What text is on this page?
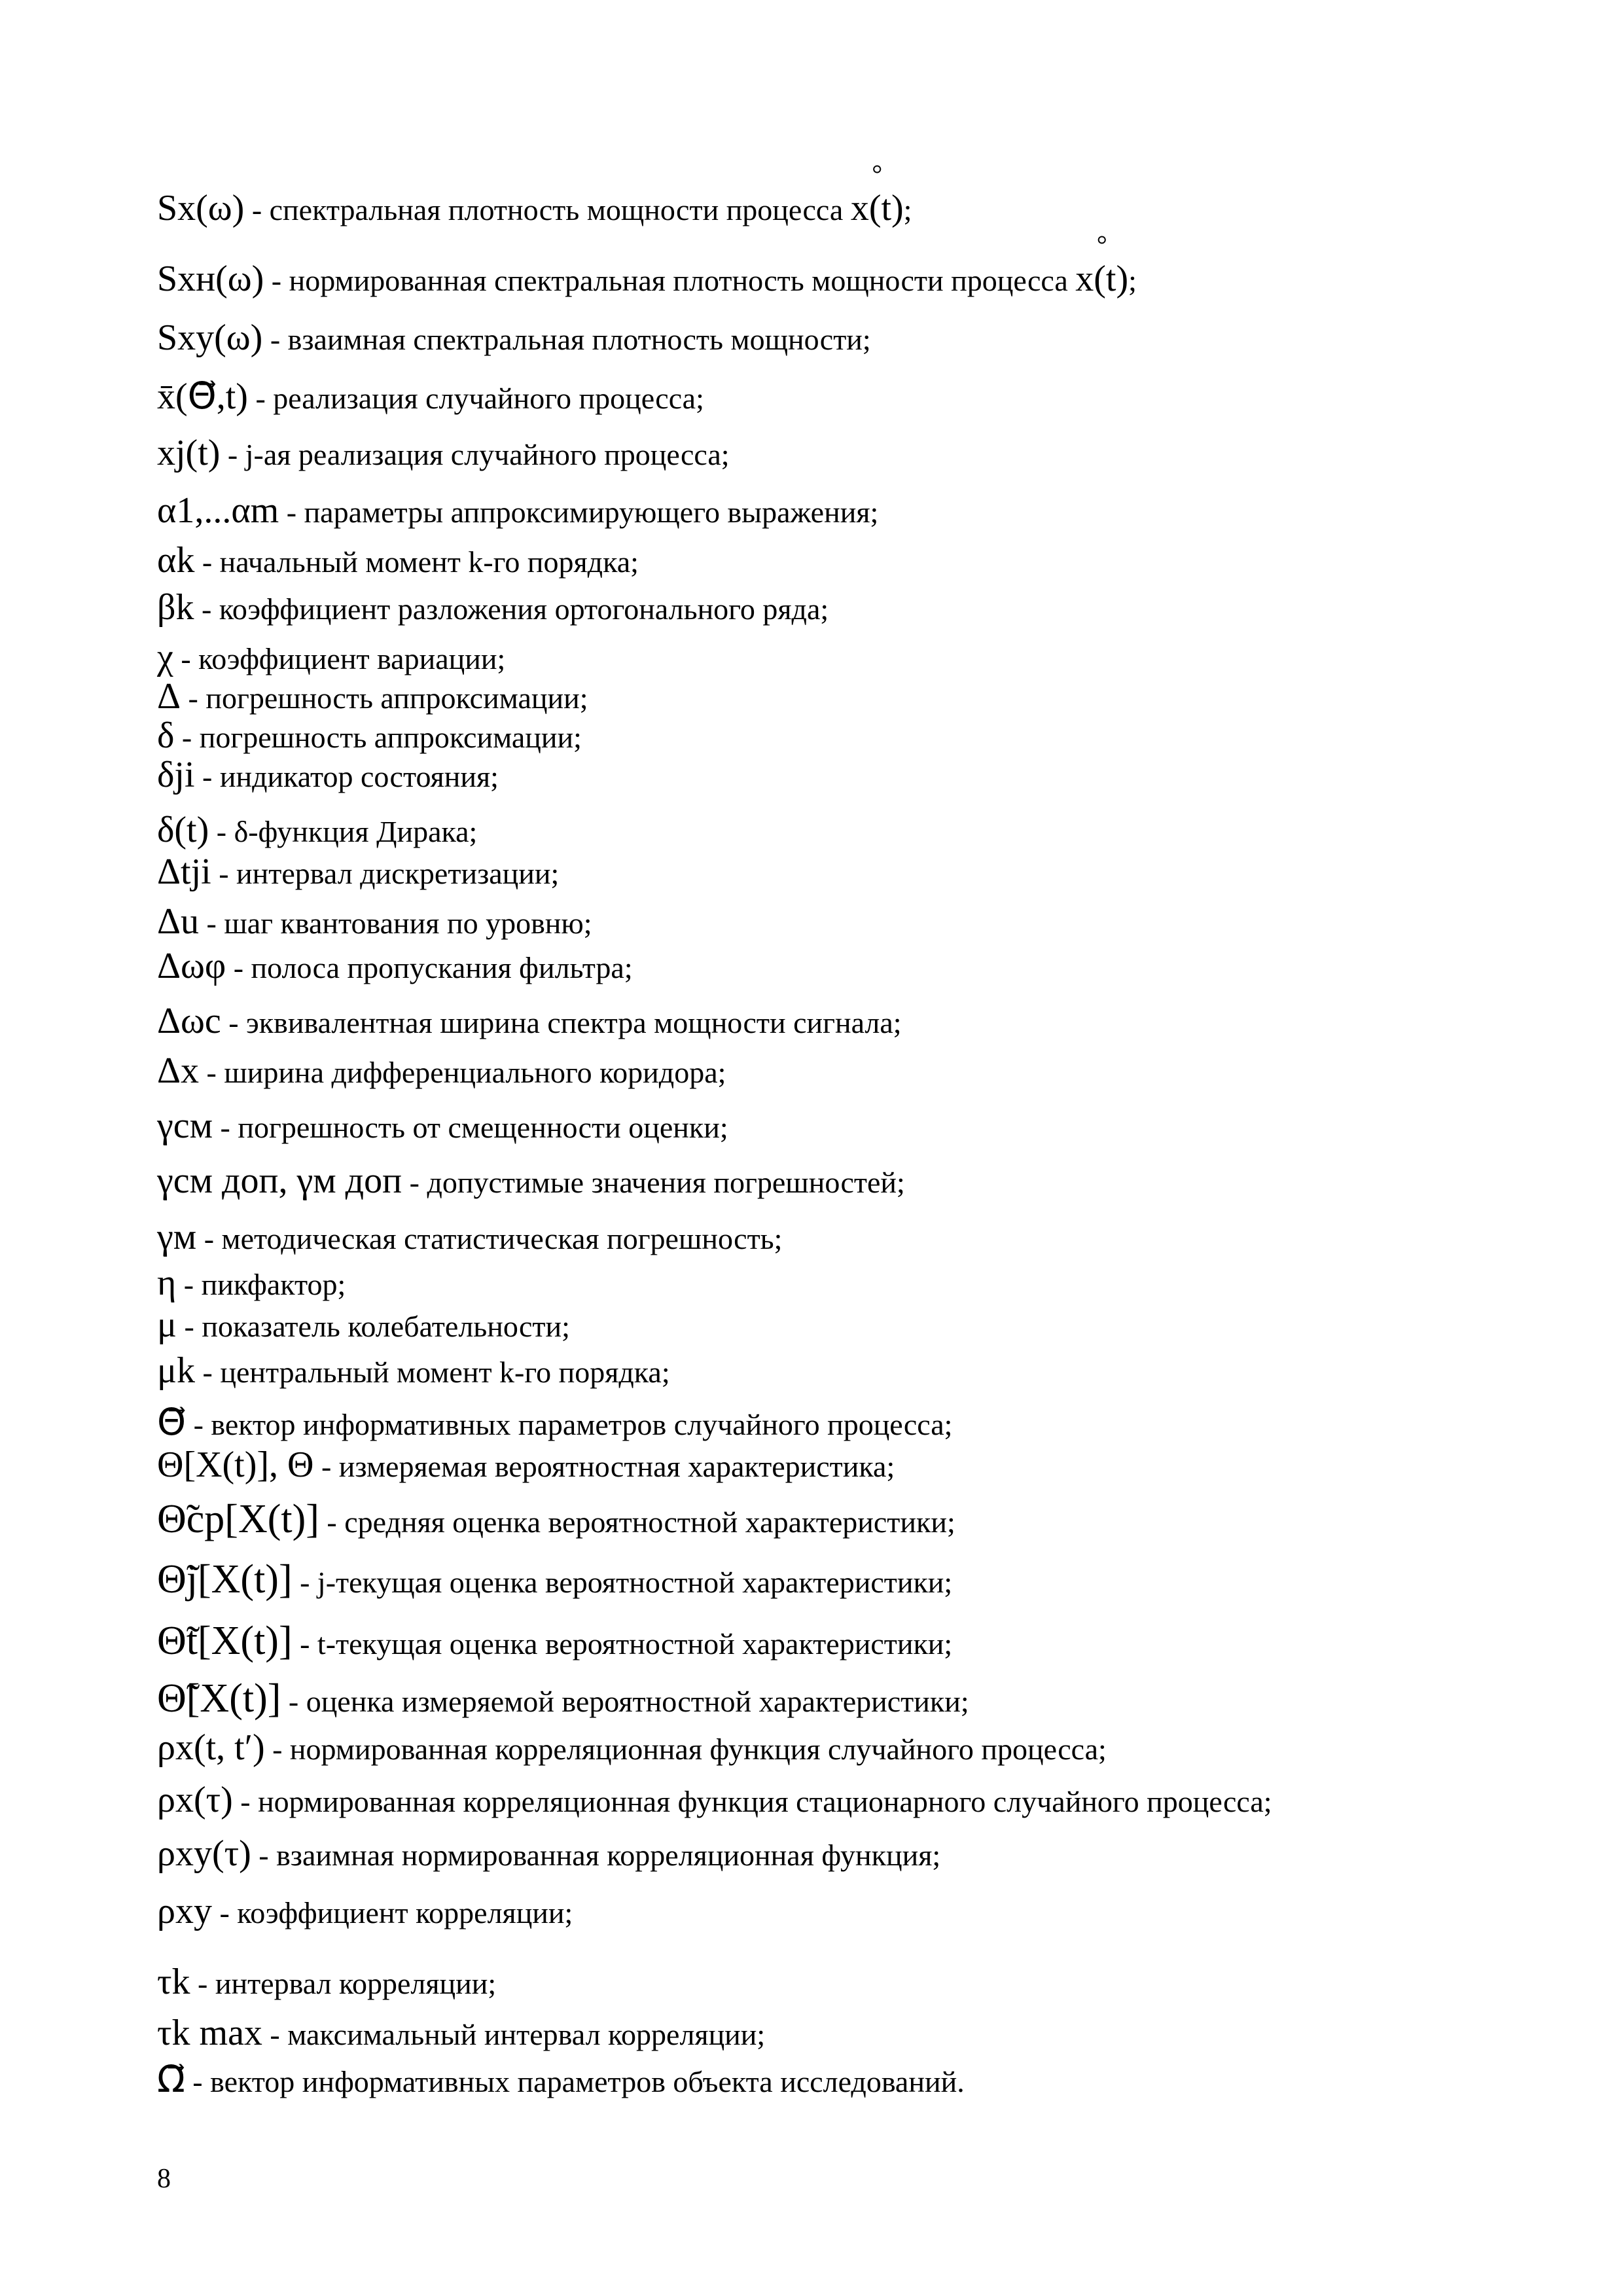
Sx(ω) - спектральная плотность мощности процесса ° x(t);
Sxн(ω) - нормированная спектральная плотность мощности процесса ° x(t);
Sxy(ω) - взаимная спектральная плотность мощности;
x̄(Θ⃗,t) - реализация случайного процесса;
xj(t) - j-ая реализация случайного процесса;
α1,...αm - параметры аппроксимирующего выражения;
αk - начальный момент k-го порядка;
βk - коэффициент разложения ортогонального ряда;
χ - коэффициент вариации;
Δ - погрешность аппроксимации;
δ - погрешность аппроксимации;
δji - индикатор состояния;
δ(t) - δ-функция Дирака;
Δtji - интервал дискретизации;
Δu - шаг квантования по уровню;
Δωφ - полоса пропускания фильтра;
Δωc - эквивалентная ширина спектра мощности сигнала;
Δx - ширина дифференциального коридора;
γсм - погрешность от смещенности оценки;
γсм доп, γм доп - допустимые значения погрешностей;
γм - методическая статистическая погрешность;
η - пикфактор;
μ - показатель колебательности;
μk - центральный момент k-го порядка;
Θ⃗ - вектор информативных параметров случайного процесса;
Θ[X(t)], Θ - измеряемая вероятностная характеристика;
Θ̃ср[X(t)] - средняя оценка вероятностной характеристики;
Θ̃j[X(t)] - j-текущая оценка вероятностной характеристики;
Θ̃t[X(t)] - t-текущая оценка вероятностной характеристики;
Θ̃[X(t)] - оценка измеряемой вероятностной характеристики;
ρx(t, t′) - нормированная корреляционная функция случайного процесса;
ρx(τ) - нормированная корреляционная функция стационарного случайного процесса;
ρxy(τ) - взаимная нормированная корреляционная функция;
ρxy - коэффициент корреляции;
τk - интервал корреляции;
τk max - максимальный интервал корреляции;
Ω⃗ - вектор информативных параметров объекта исследований.
8
